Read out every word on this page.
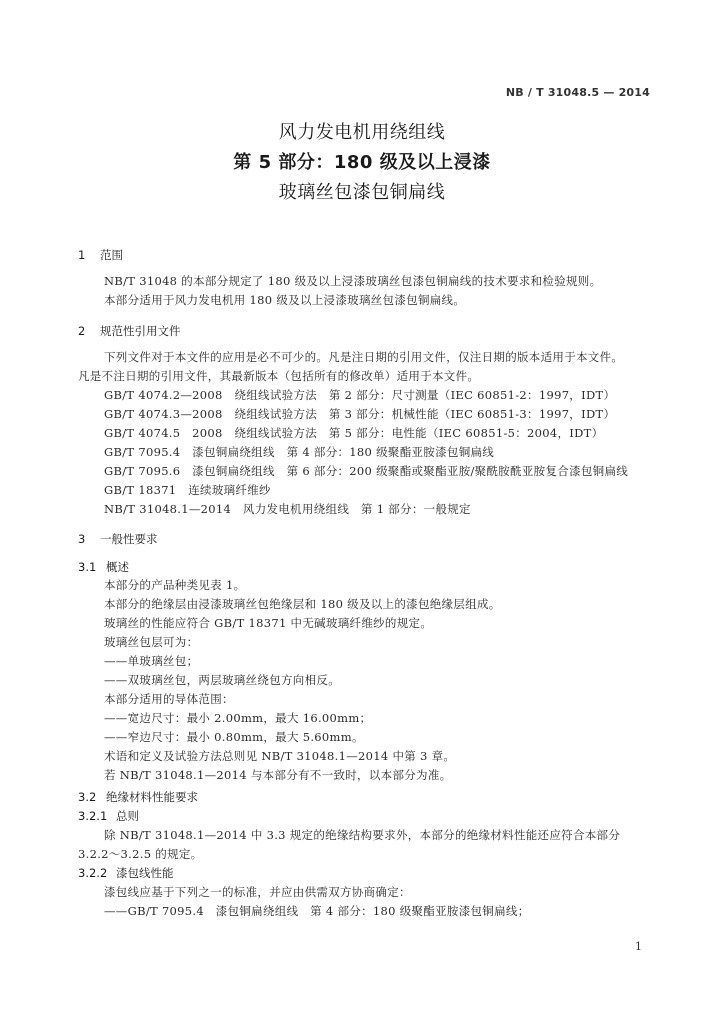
NB / T 31048.5 — 2014
风力发电机用绕组线
第 5 部分：180 级及以上浸漆
玻璃丝包漆包铜扁线
1 范围
NB/T 31048 的本部分规定了 180 级及以上浸漆玻璃丝包漆包铜扁线的技术要求和检验规则。
本部分适用于风力发电机用 180 级及以上浸漆玻璃丝包漆包铜扁线。
2 规范性引用文件
下列文件对于本文件的应用是必不可少的。凡是注日期的引用文件，仅注日期的版本适用于本文件。
凡是不注日期的引用文件，其最新版本（包括所有的修改单）适用于本文件。
GB/T 4074.2—2008　绕组线试验方法　第 2 部分：尺寸测量（IEC 60851-2：1997，IDT）
GB/T 4074.3—2008　绕组线试验方法　第 3 部分：机械性能（IEC 60851-3：1997，IDT）
GB/T 4074.5　2008　绕组线试验方法　第 5 部分：电性能（IEC 60851-5：2004，IDT）
GB/T 7095.4　漆包铜扁绕组线　第 4 部分：180 级聚酯亚胺漆包铜扁线
GB/T 7095.6　漆包铜扁绕组线　第 6 部分：200 级聚酯或聚酯亚胺/聚酰胺酰亚胺复合漆包铜扁线
GB/T 18371　连续玻璃纤维纱
NB/T 31048.1—2014　风力发电机用绕组线　第 1 部分：一般规定
3 一般性要求
3.1 概述
本部分的产品种类见表 1。
本部分的绝缘层由浸漆玻璃丝包绝缘层和 180 级及以上的漆包绝缘层组成。
玻璃丝的性能应符合 GB/T 18371 中无碱玻璃纤维纱的规定。
玻璃丝包层可为：
——单玻璃丝包；
——双玻璃丝包，两层玻璃丝绕包方向相反。
本部分适用的导体范围：
——宽边尺寸：最小 2.00mm，最大 16.00mm；
——窄边尺寸：最小 0.80mm，最大 5.60mm。
术语和定义及试验方法总则见 NB/T 31048.1—2014 中第 3 章。
若 NB/T 31048.1—2014 与本部分有不一致时，以本部分为准。
3.2 绝缘材料性能要求
3.2.1 总则
除 NB/T 31048.1—2014 中 3.3 规定的绝缘结构要求外，本部分的绝缘材料性能还应符合本部分
3.2.2～3.2.5 的规定。
3.2.2 漆包线性能
漆包线应基于下列之一的标准，并应由供需双方协商确定：
——GB/T 7095.4　漆包铜扁绕组线　第 4 部分：180 级聚酯亚胺漆包铜扁线；
1
